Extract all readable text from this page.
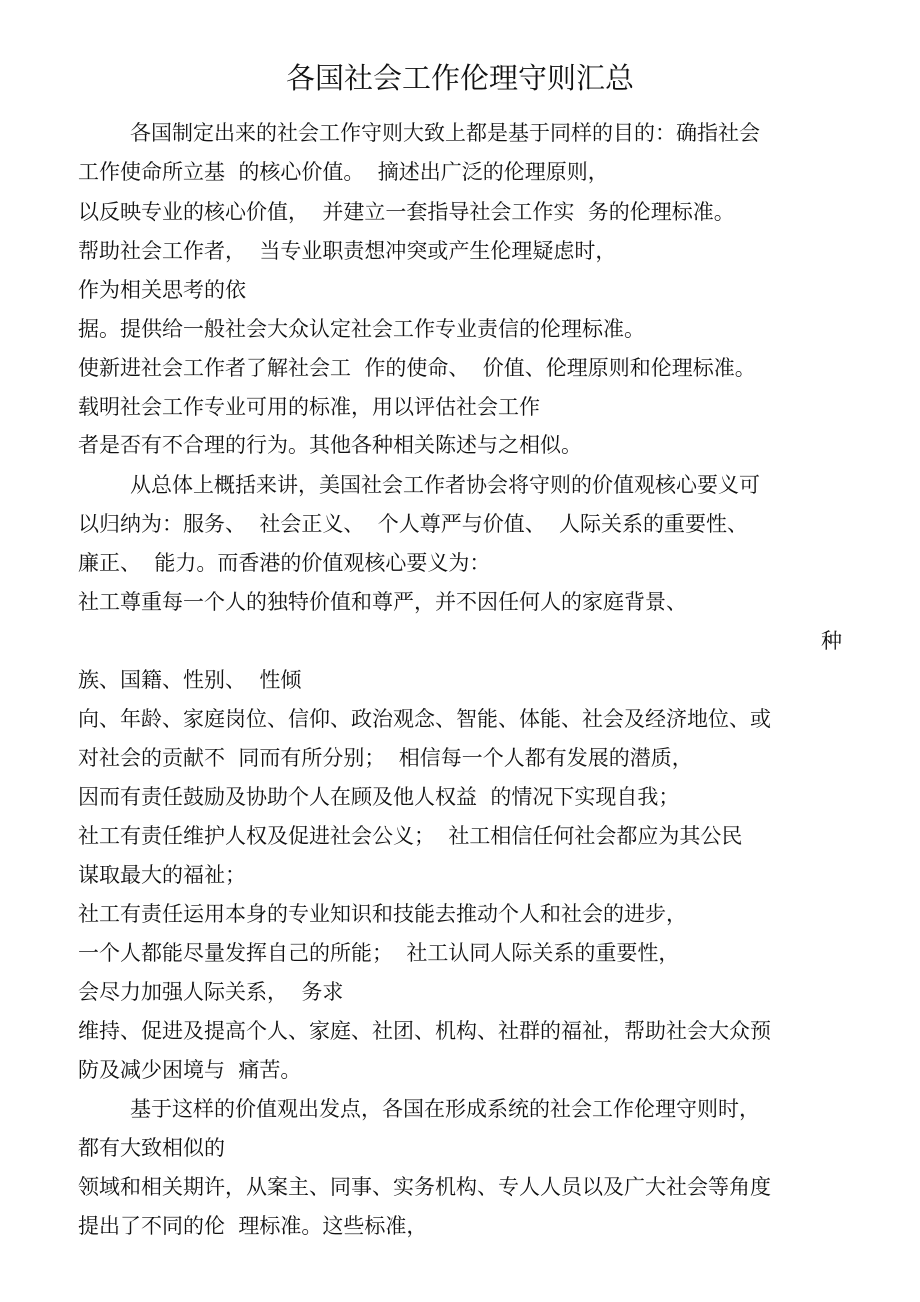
各国社会工作伦理守则汇总
各国制定出来的社会工作守则大致上都是基于同样的目的：确指社会
工作使命所立基  的核心价值。  摘述出广泛的伦理原则，
以反映专业的核心价值，  并建立一套指导社会工作实  务的伦理标准。
帮助社会工作者，  当专业职责想冲突或产生伦理疑虑时，
作为相关思考的依
据。提供给一般社会大众认定社会工作专业责信的伦理标准。
使新进社会工作者了解社会工  作的使命、  价值、伦理原则和伦理标准。
载明社会工作专业可用的标准，用以评估社会工作
者是否有不合理的行为。其他各种相关陈述与之相似。
从总体上概括来讲，美国社会工作者协会将守则的价值观核心要义可
以归纳为：服务、  社会正义、  个人尊严与价值、  人际关系的重要性、
廉正、  能力。而香港的价值观核心要义为：
社工尊重每一个人的独特价值和尊严，并不因任何人的家庭背景、
种
族、国籍、性别、  性倾
向、年龄、家庭岗位、信仰、政治观念、智能、体能、社会及经济地位、或
对社会的贡献不  同而有所分别；  相信每一个人都有发展的潜质，
因而有责任鼓励及协助个人在顾及他人权益  的情况下实现自我；
社工有责任维护人权及促进社会公义；  社工相信任何社会都应为其公民
谋取最大的福祉；
社工有责任运用本身的专业知识和技能去推动个人和社会的进步，
一个人都能尽量发挥自己的所能；  社工认同人际关系的重要性，
会尽力加强人际关系，  务求
维持、促进及提高个人、家庭、社团、机构、社群的福祉，帮助社会大众预
防及减少困境与  痛苦。
基于这样的价值观出发点，各国在形成系统的社会工作伦理守则时，
都有大致相似的
领域和相关期许，从案主、同事、实务机构、专人人员以及广大社会等角度
提出了不同的伦  理标准。这些标准，
